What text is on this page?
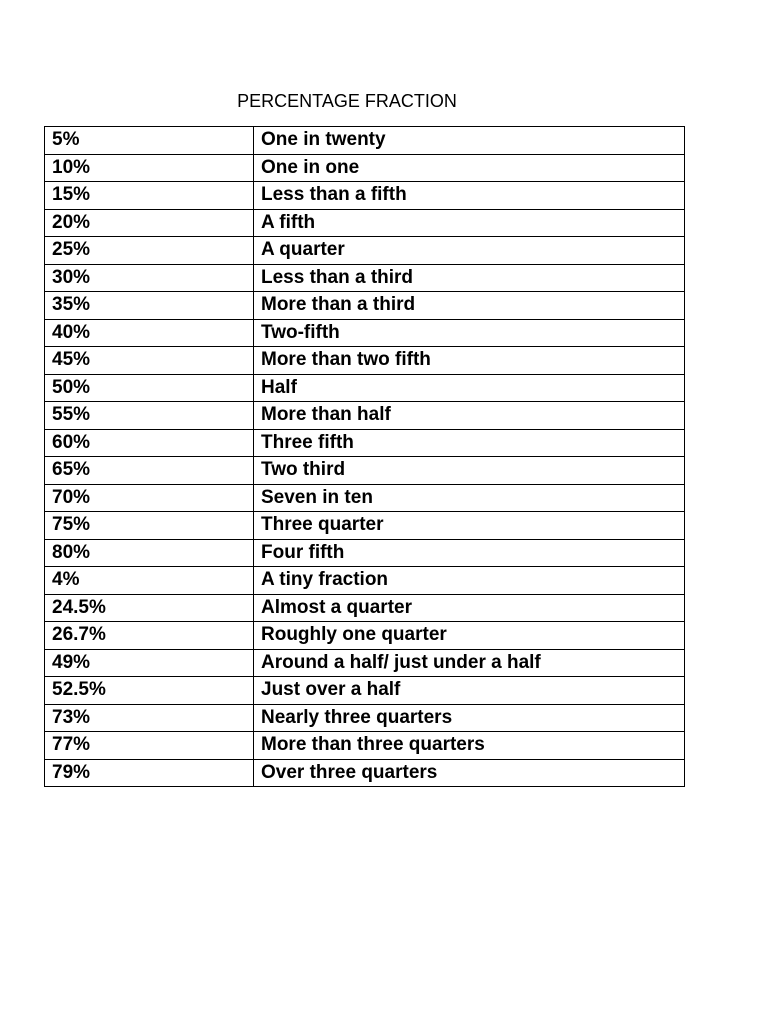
PERCENTAGE FRACTION
5%	One in twenty
10%	One in one
15%	Less than a fifth
20%	A fifth
25%	A quarter
30%	Less than a third
35%	More than a third
40%	Two-fifth
45%	More than two fifth
50%	Half
55%	More than half
60%	Three fifth
65%	Two third
70%	Seven in ten
75%	Three quarter
80%	Four fifth
4%	A tiny fraction
24.5%	Almost a quarter
26.7%	Roughly one quarter
49%	Around a half/ just under a half
52.5%	Just over a half
73%	Nearly three quarters
77%	More than three quarters
79%	Over three quarters
